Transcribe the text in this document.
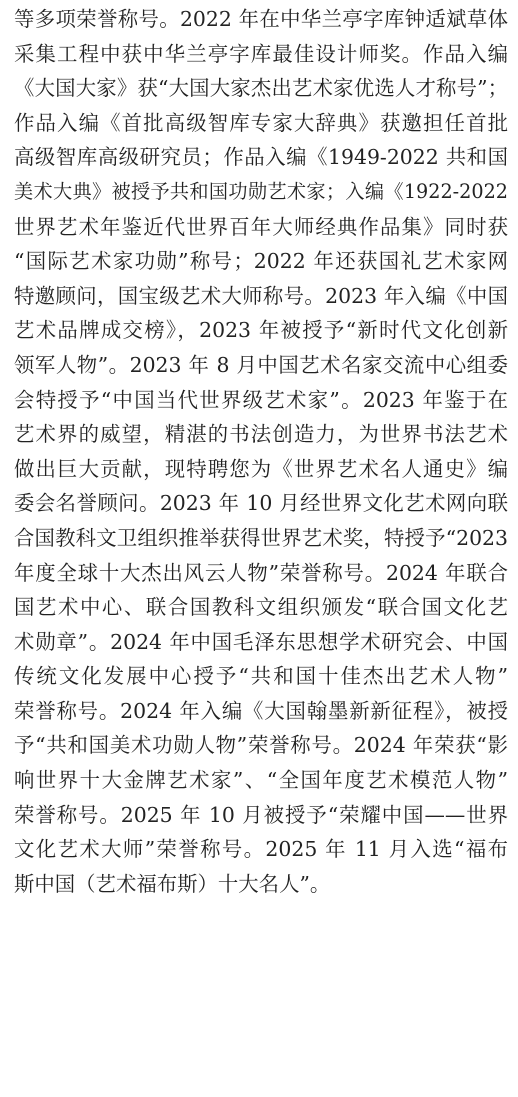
等多项荣誉称号。2022 年在中华兰亭字库钟适斌草体
采集工程中获中华兰亭字库最佳设计师奖。作品入编
《大国大家》获“大国大家杰出艺术家优选人才称号”；
作品入编《首批高级智库专家大辞典》获邀担任首批
高级智库高级研究员；作品入编《1949-2022 共和国
美术大典》被授予共和国功勋艺术家；入编《1922-2022
世界艺术年鉴近代世界百年大师经典作品集》同时获
“国际艺术家功勋”称号；2022 年还获国礼艺术家网
特邀顾问，国宝级艺术大师称号。2023 年入编《中国
艺术品牌成交榜》，2023 年被授予“新时代文化创新
领军人物”。2023 年 8 月中国艺术名家交流中心组委
会特授予“中国当代世界级艺术家”。2023 年鉴于在
艺术界的威望，精湛的书法创造力，为世界书法艺术
做出巨大贡献，现特聘您为《世界艺术名人通史》编
委会名誉顾问。2023 年 10 月经世界文化艺术网向联
合国教科文卫组织推举获得世界艺术奖，特授予“2023
年度全球十大杰出风云人物”荣誉称号。2024 年联合
国艺术中心、联合国教科文组织颁发“联合国文化艺
术勋章”。2024 年中国毛泽东思想学术研究会、中国
传统文化发展中心授予“共和国十佳杰出艺术人物”
荣誉称号。2024 年入编《大国翰墨新新征程》，被授
予“共和国美术功勋人物”荣誉称号。2024 年荣获“影
响世界十大金牌艺术家”、“全国年度艺术模范人物”
荣誉称号。2025 年 10 月被授予“荣耀中国——世界
文化艺术大师”荣誉称号。2025 年 11 月入选“福布
斯中国（艺术福布斯）十大名人”。
